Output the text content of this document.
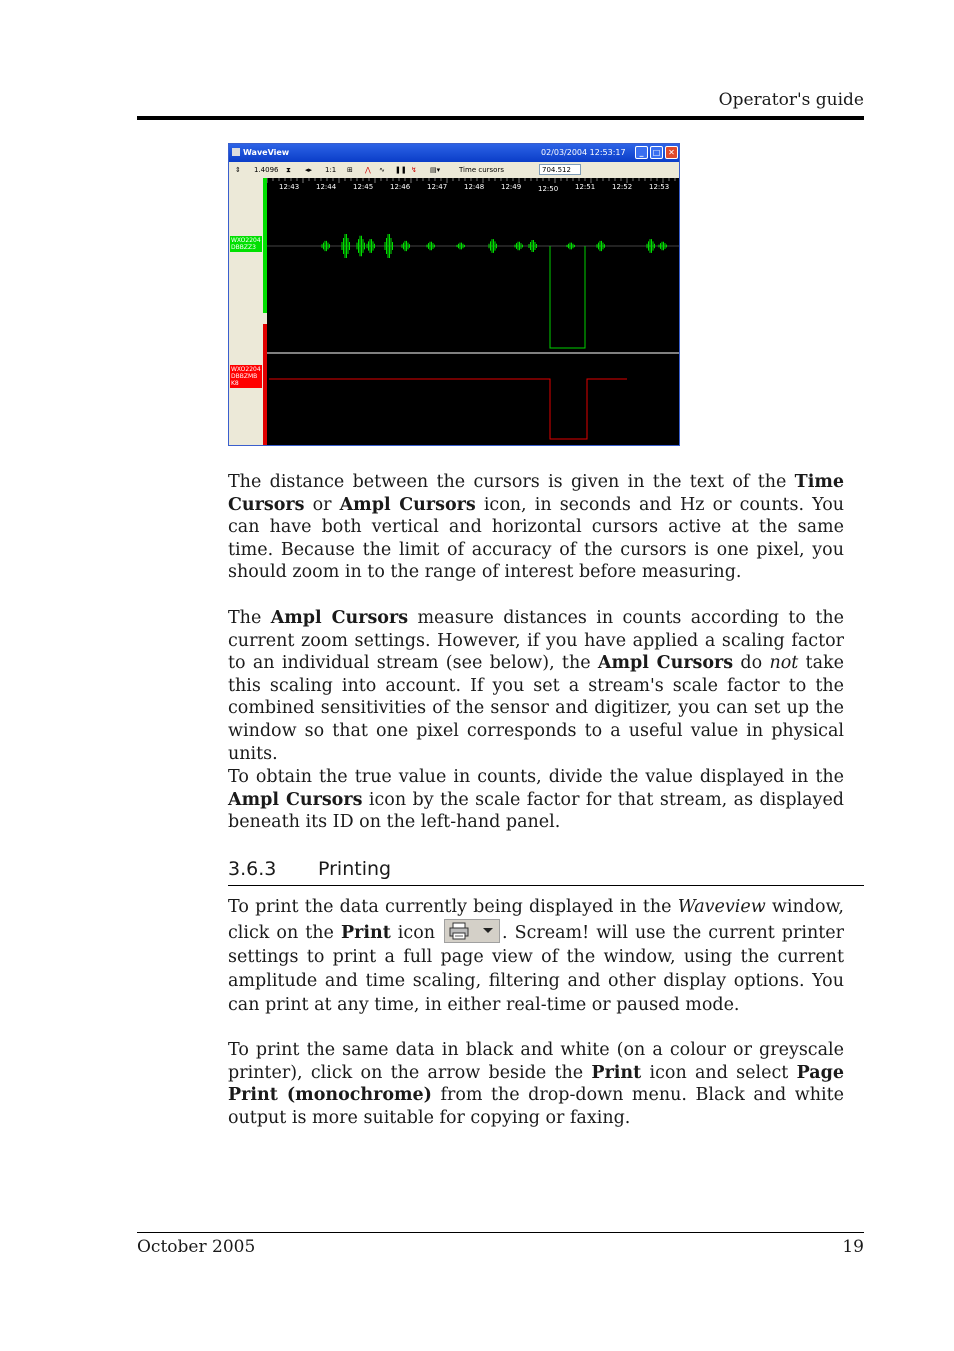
Operator's guide
WaveView	02/03/2004 12:53:17	_	□ ✕
⇕ 1.4096 ⧗ ◂▸ 1:1 ⊞ ⋀ ∿ ❚❚ ↯ ▤▾	Time cursors	704.512
WXO2204
DBBZZ3
WXO2204
DBBZMB
K8
12:43 12:44 12:45 12:46 12:47 12:48 12:49 12:50 12:51 12:52 12:53
The distance between the cursors is given in the text of the Time Cursors or Ampl Cursors icon, in seconds and Hz or counts. You can have both vertical and horizontal cursors active at the same time. Because the limit of accuracy of the cursors is one pixel, you should zoom in to the range of interest before measuring.
The Ampl Cursors measure distances in counts according to the current zoom settings. However, if you have applied a scaling factor to an individual stream (see below), the Ampl Cursors do not take this scaling into account. If you set a stream's scale factor to the combined sensitivities of the sensor and digitizer, you can set up the window so that one pixel corresponds to a useful value in physical units.
To obtain the true value in counts, divide the value displayed in the Ampl Cursors icon by the scale factor for that stream, as displayed beneath its ID on the left-hand panel.
3.6.3 Printing
To print the data currently being displayed in the Waveview window, click on the Print icon	. Scream! will use the current printer settings to print a full page view of the window, using the current amplitude and time scaling, filtering and other display options. You can print at any time, in either real-time or paused mode.
To print the same data in black and white (on a colour or greyscale printer), click on the arrow beside the Print icon and select Page Print (monochrome) from the drop-down menu. Black and white output is more suitable for copying or faxing.
October 2005	19
